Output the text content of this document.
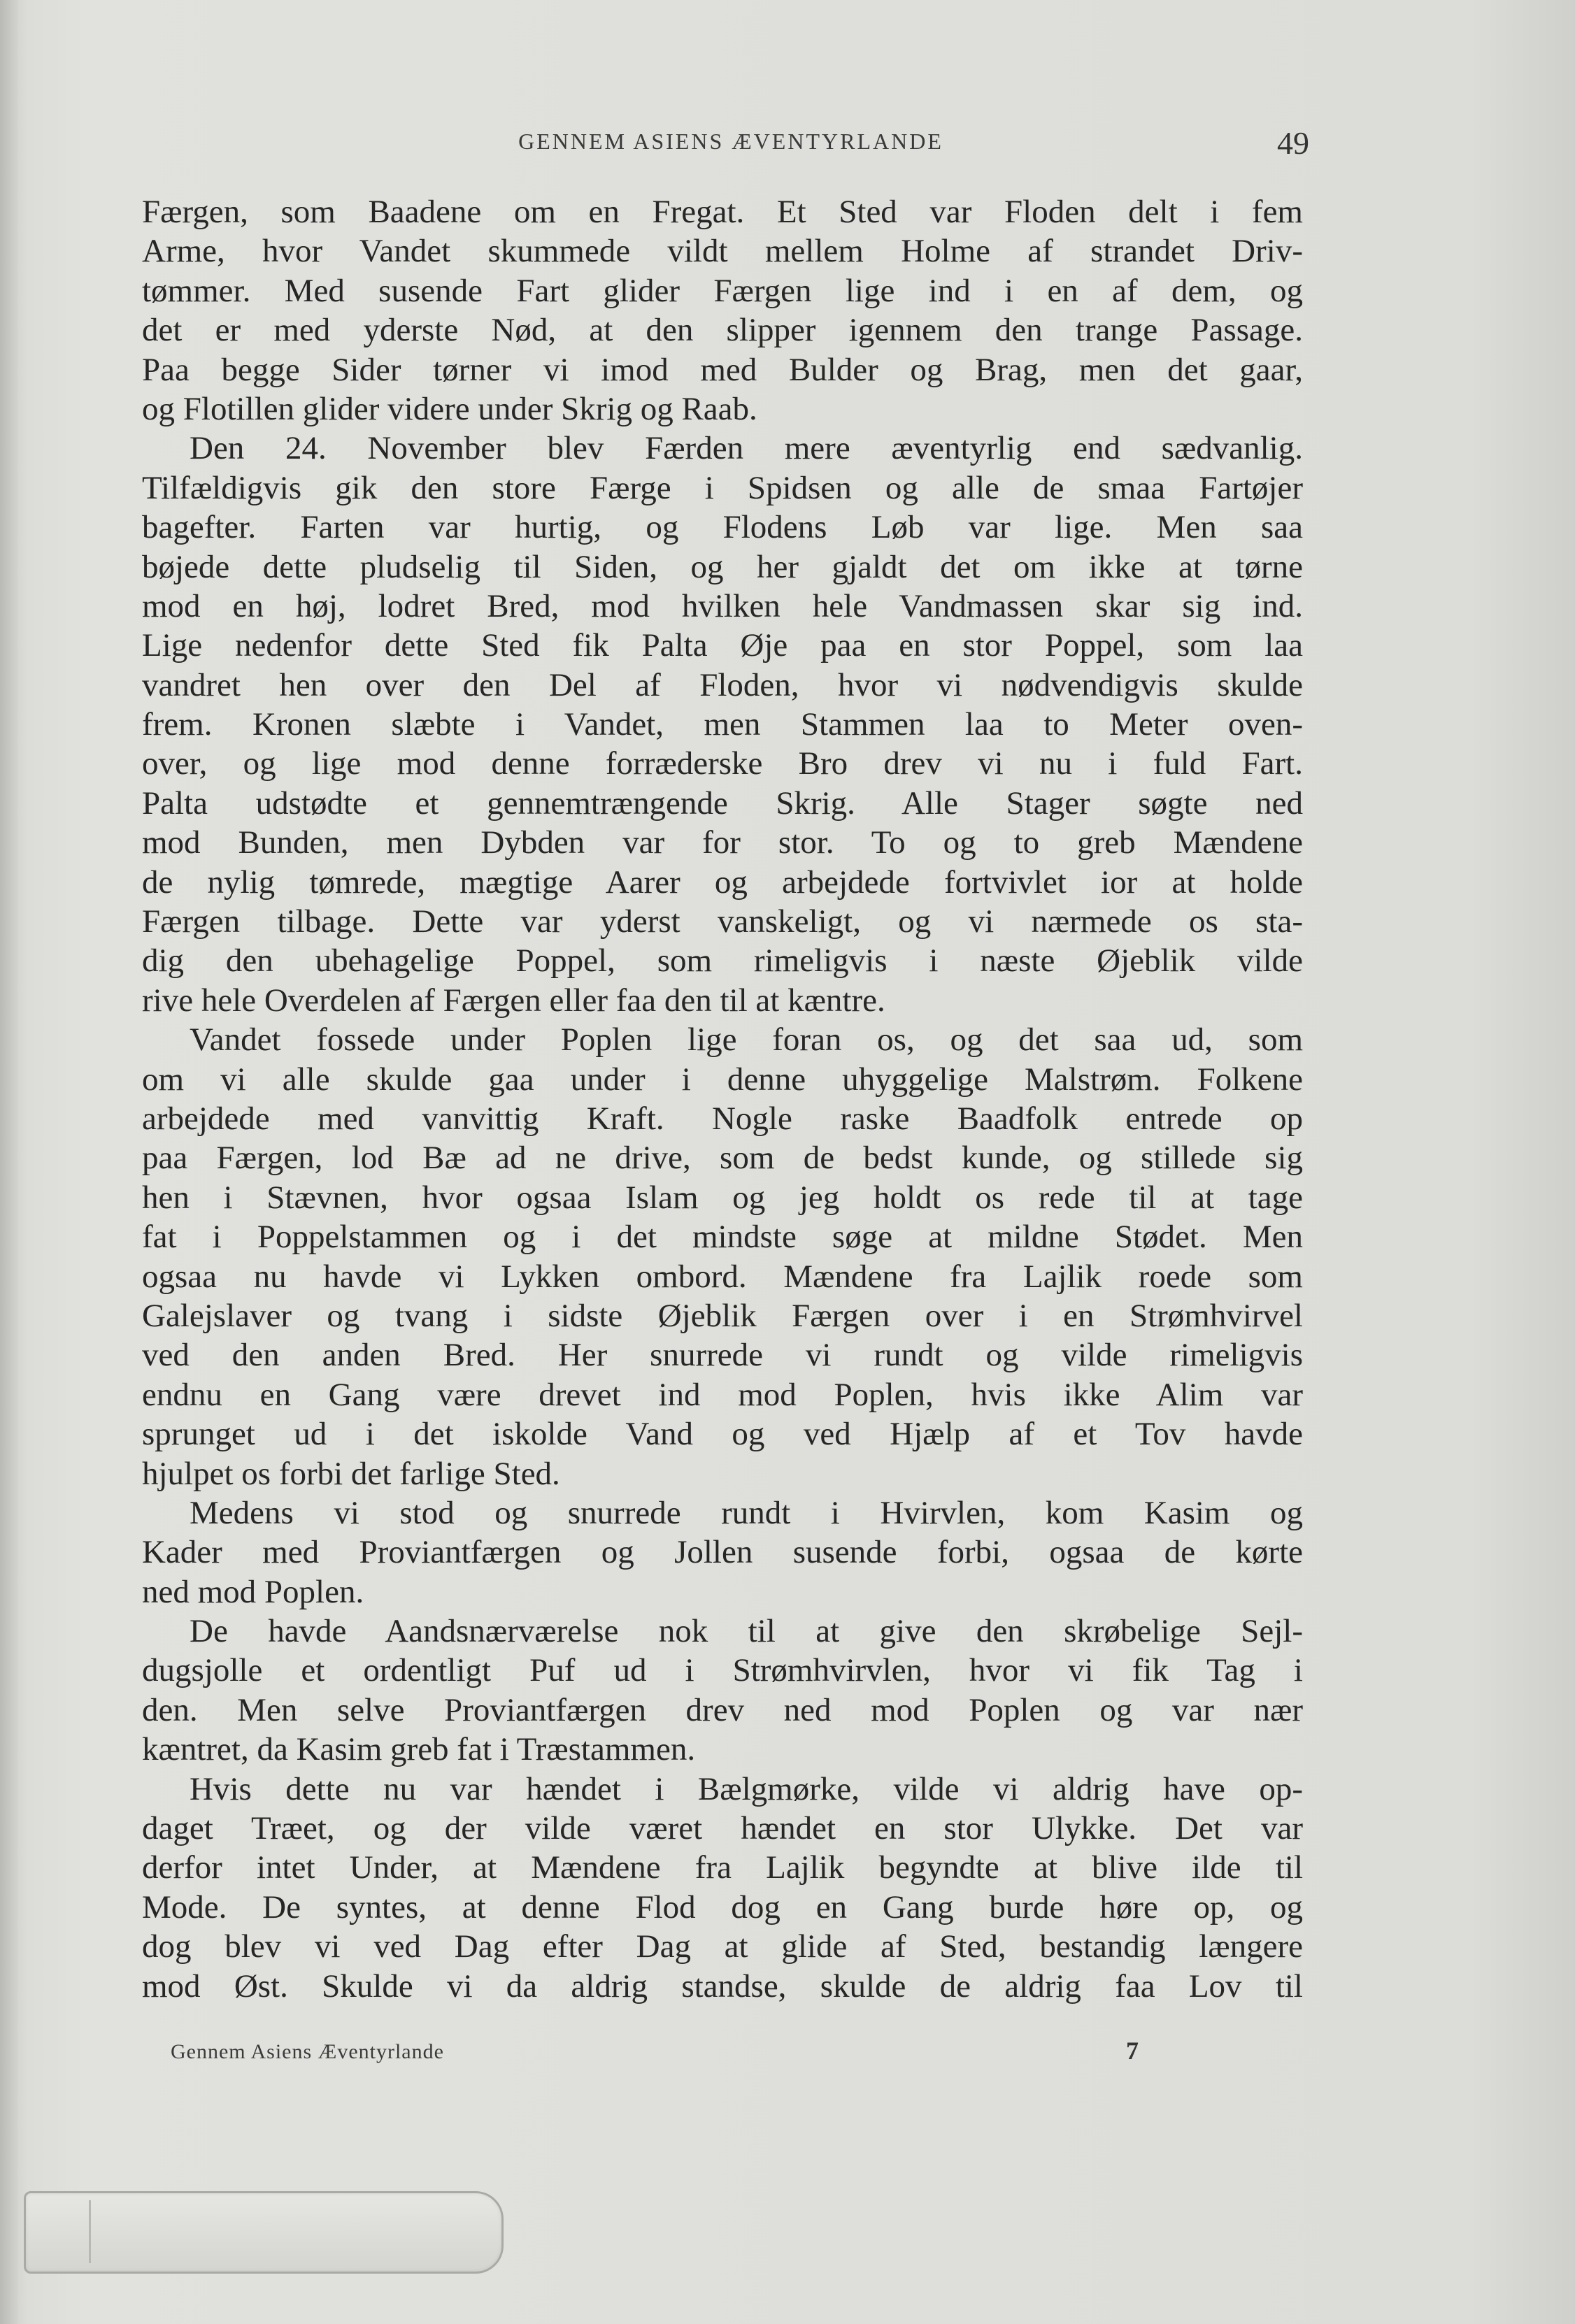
GENNEM ASIENS ÆVENTYRLANDE	49
Færgen, som Baadene om en Fregat. Et Sted var Floden delt i fem
Arme, hvor Vandet skummede vildt mellem Holme af strandet Driv-
tømmer. Med susende Fart glider Færgen lige ind i en af dem, og
det er med yderste Nød, at den slipper igennem den trange Passage.
Paa begge Sider tørner vi imod med Bulder og Brag, men det gaar,
og Flotillen glider videre under Skrig og Raab.
Den 24. November blev Færden mere æventyrlig end sædvanlig.
Tilfældigvis gik den store Færge i Spidsen og alle de smaa Fartøjer
bagefter. Farten var hurtig, og Flodens Løb var lige. Men saa
bøjede dette pludselig til Siden, og her gjaldt det om ikke at tørne
mod en høj, lodret Bred, mod hvilken hele Vandmassen skar sig ind.
Lige nedenfor dette Sted fik Palta Øje paa en stor Poppel, som laa
vandret hen over den Del af Floden, hvor vi nødvendigvis skulde
frem. Kronen slæbte i Vandet, men Stammen laa to Meter oven-
over, og lige mod denne forræderske Bro drev vi nu i fuld Fart.
Palta udstødte et gennemtrængende Skrig. Alle Stager søgte ned
mod Bunden, men Dybden var for stor. To og to greb Mændene
de nylig tømrede, mægtige Aarer og arbejdede fortvivlet ior at holde
Færgen tilbage. Dette var yderst vanskeligt, og vi nærmede os sta-
dig den ubehagelige Poppel, som rimeligvis i næste Øjeblik vilde
rive hele Overdelen af Færgen eller faa den til at kæntre.
Vandet fossede under Poplen lige foran os, og det saa ud, som
om vi alle skulde gaa under i denne uhyggelige Malstrøm. Folkene
arbejdede med vanvittig Kraft. Nogle raske Baadfolk entrede op
paa Færgen, lod Bæ ad ne drive, som de bedst kunde, og stillede sig
hen i Stævnen, hvor ogsaa Islam og jeg holdt os rede til at tage
fat i Poppelstammen og i det mindste søge at mildne Stødet. Men
ogsaa nu havde vi Lykken ombord. Mændene fra Lajlik roede som
Galejslaver og tvang i sidste Øjeblik Færgen over i en Strømhvirvel
ved den anden Bred. Her snurrede vi rundt og vilde rimeligvis
endnu en Gang være drevet ind mod Poplen, hvis ikke Alim var
sprunget ud i det iskolde Vand og ved Hjælp af et Tov havde
hjulpet os forbi det farlige Sted.
Medens vi stod og snurrede rundt i Hvirvlen, kom Kasim og
Kader med Proviantfærgen og Jollen susende forbi, ogsaa de kørte
ned mod Poplen.
De havde Aandsnærværelse nok til at give den skrøbelige Sejl-
dugsjolle et ordentligt Puf ud i Strømhvirvlen, hvor vi fik Tag i
den. Men selve Proviantfærgen drev ned mod Poplen og var nær
kæntret, da Kasim greb fat i Træstammen.
Hvis dette nu var hændet i Bælgmørke, vilde vi aldrig have op-
daget Træet, og der vilde været hændet en stor Ulykke. Det var
derfor intet Under, at Mændene fra Lajlik begyndte at blive ilde til
Mode. De syntes, at denne Flod dog en Gang burde høre op, og
dog blev vi ved Dag efter Dag at glide af Sted, bestandig længere
mod Øst. Skulde vi da aldrig standse, skulde de aldrig faa Lov til
Gennem Asiens Æventyrlande	7
